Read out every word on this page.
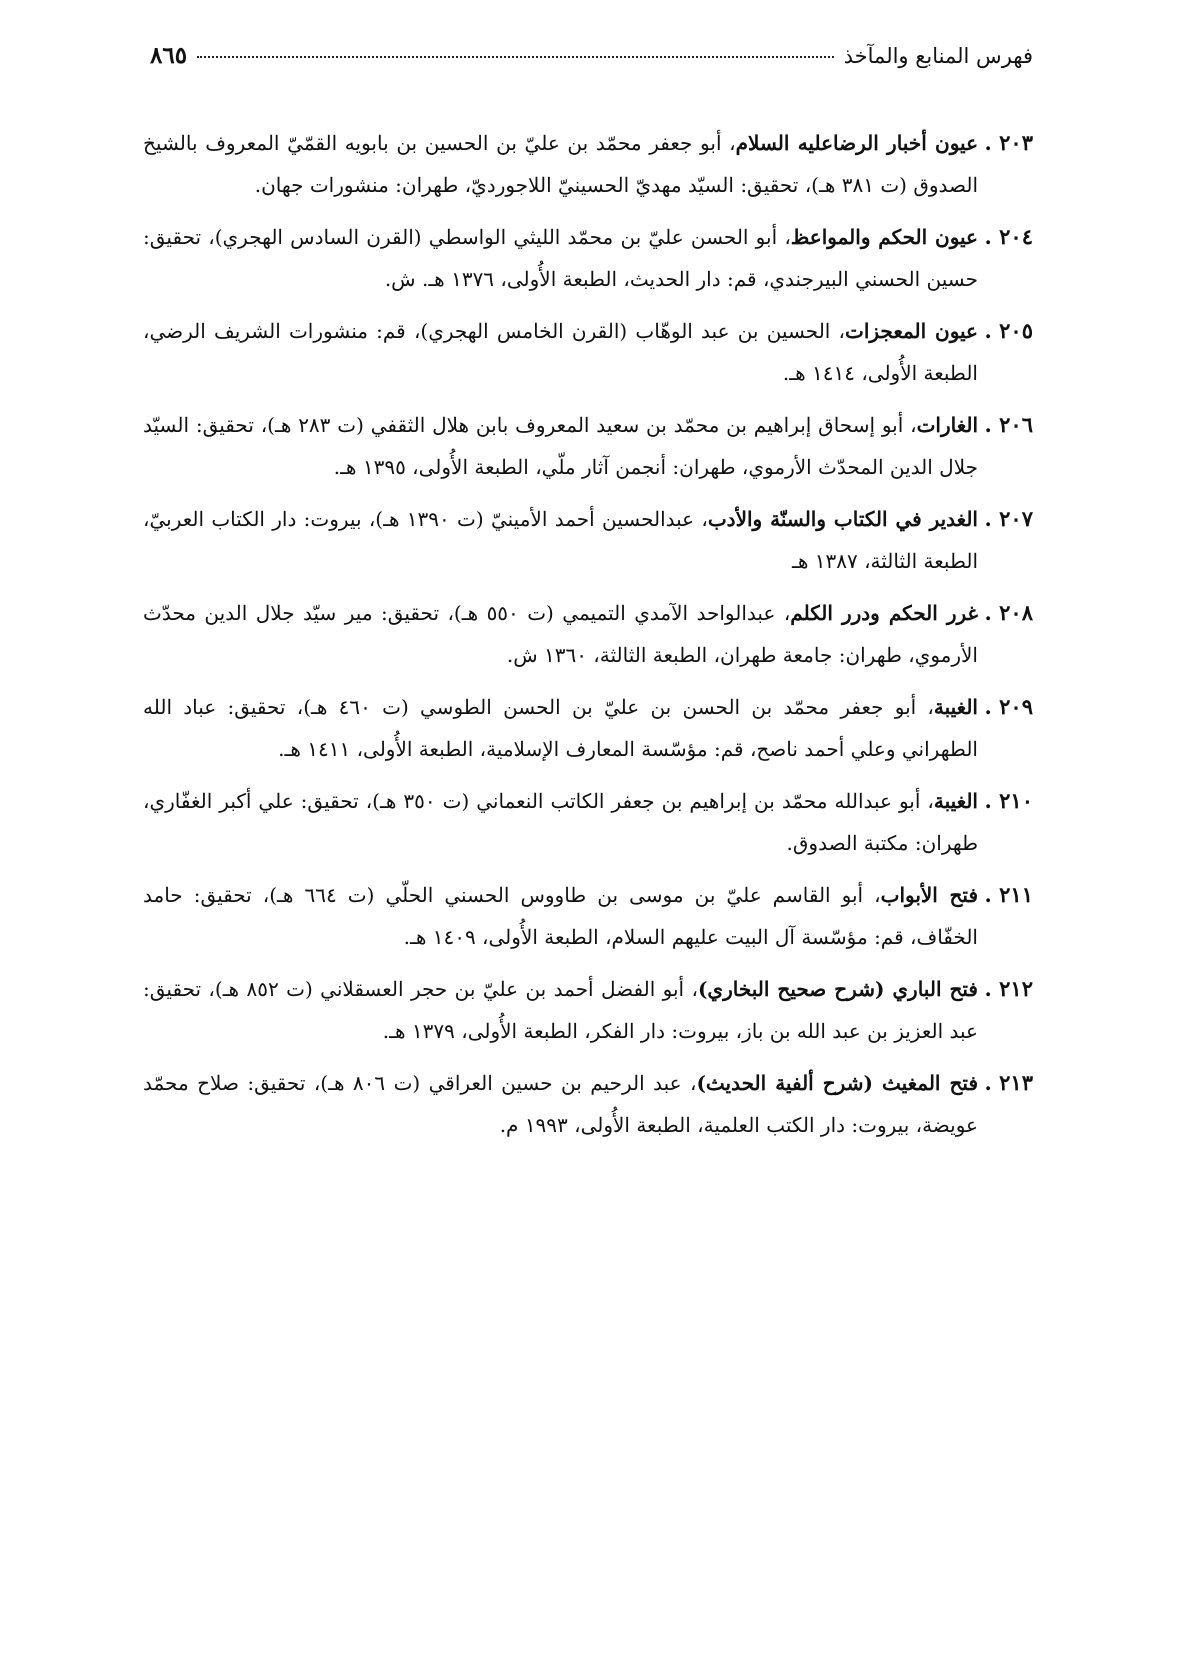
فهرس المنابع والمآخذ
٨٦٥
٢٠٣ .
عيون أخبار الرضاعليه السلام، أبو جعفر محمّد بن عليّ بن الحسين بن بابويه القمّيّ المعروف بالشيخ الصدوق (ت ٣٨١ هـ)، تحقيق: السيّد مهديّ الحسينيّ اللاجورديّ، طهران: منشورات جهان.
٢٠٤ .
عيون الحكم والمواعظ، أبو الحسن عليّ بن محمّد الليثي الواسطي (القرن السادس الهجري)، تحقيق: حسين الحسني البيرجندي، قم: دار الحديث، الطبعة الأُولى، ١٣٧٦ هـ. ش.
٢٠٥ .
عيون المعجزات، الحسين بن عبد الوهّاب (القرن الخامس الهجري)، قم: منشورات الشريف الرضي، الطبعة الأُولى، ١٤١٤ هـ.
٢٠٦ .
الغارات، أبو إسحاق إبراهيم بن محمّد بن سعيد المعروف بابن هلال الثقفي (ت ٢٨٣ هـ)، تحقيق: السيّد جلال الدين المحدّث الأرموي، طهران: أنجمن آثار ملّي، الطبعة الأُولى، ١٣٩٥ هـ.
٢٠٧ .
الغدير في الكتاب والسنّة والأدب، عبدالحسين أحمد الأمينيّ (ت ١٣٩٠ هـ)، بيروت: دار الكتاب العربيّ، الطبعة الثالثة، ١٣٨٧ هـ
٢٠٨ .
غرر الحكم ودرر الكلم، عبدالواحد الآمدي التميمي (ت ٥٥٠ هـ)، تحقيق: مير سيّد جلال الدين محدّث الأرموي، طهران: جامعة طهران، الطبعة الثالثة، ١٣٦٠ ش.
٢٠٩ .
الغيبة، أبو جعفر محمّد بن الحسن بن عليّ بن الحسن الطوسي (ت ٤٦٠ هـ)، تحقيق: عباد الله الطهراني وعلي أحمد ناصح، قم: مؤسّسة المعارف الإسلامية، الطبعة الأُولى، ١٤١١ هـ.
٢١٠ .
الغيبة، أبو عبدالله محمّد بن إبراهيم بن جعفر الكاتب النعماني (ت ٣٥٠ هـ)، تحقيق: علي أكبر الغفّاري، طهران: مكتبة الصدوق.
٢١١ .
فتح الأبواب، أبو القاسم عليّ بن موسى بن طاووس الحسني الحلّي (ت ٦٦٤ هـ)، تحقيق: حامد الخفّاف، قم: مؤسّسة آل البيت عليهم السلام، الطبعة الأُولى، ١٤٠٩ هـ.
٢١٢ .
فتح الباري (شرح صحيح البخاري)، أبو الفضل أحمد بن عليّ بن حجر العسقلاني (ت ٨٥٢ هـ)، تحقيق: عبد العزيز بن عبد الله بن باز، بيروت: دار الفكر، الطبعة الأُولى، ١٣٧٩ هـ.
٢١٣ .
فتح المغيث (شرح ألفية الحديث)، عبد الرحيم بن حسين العراقي (ت ٨٠٦ هـ)، تحقيق: صلاح محمّد عويضة، بيروت: دار الكتب العلمية، الطبعة الأُولى، ١٩٩٣ م.
